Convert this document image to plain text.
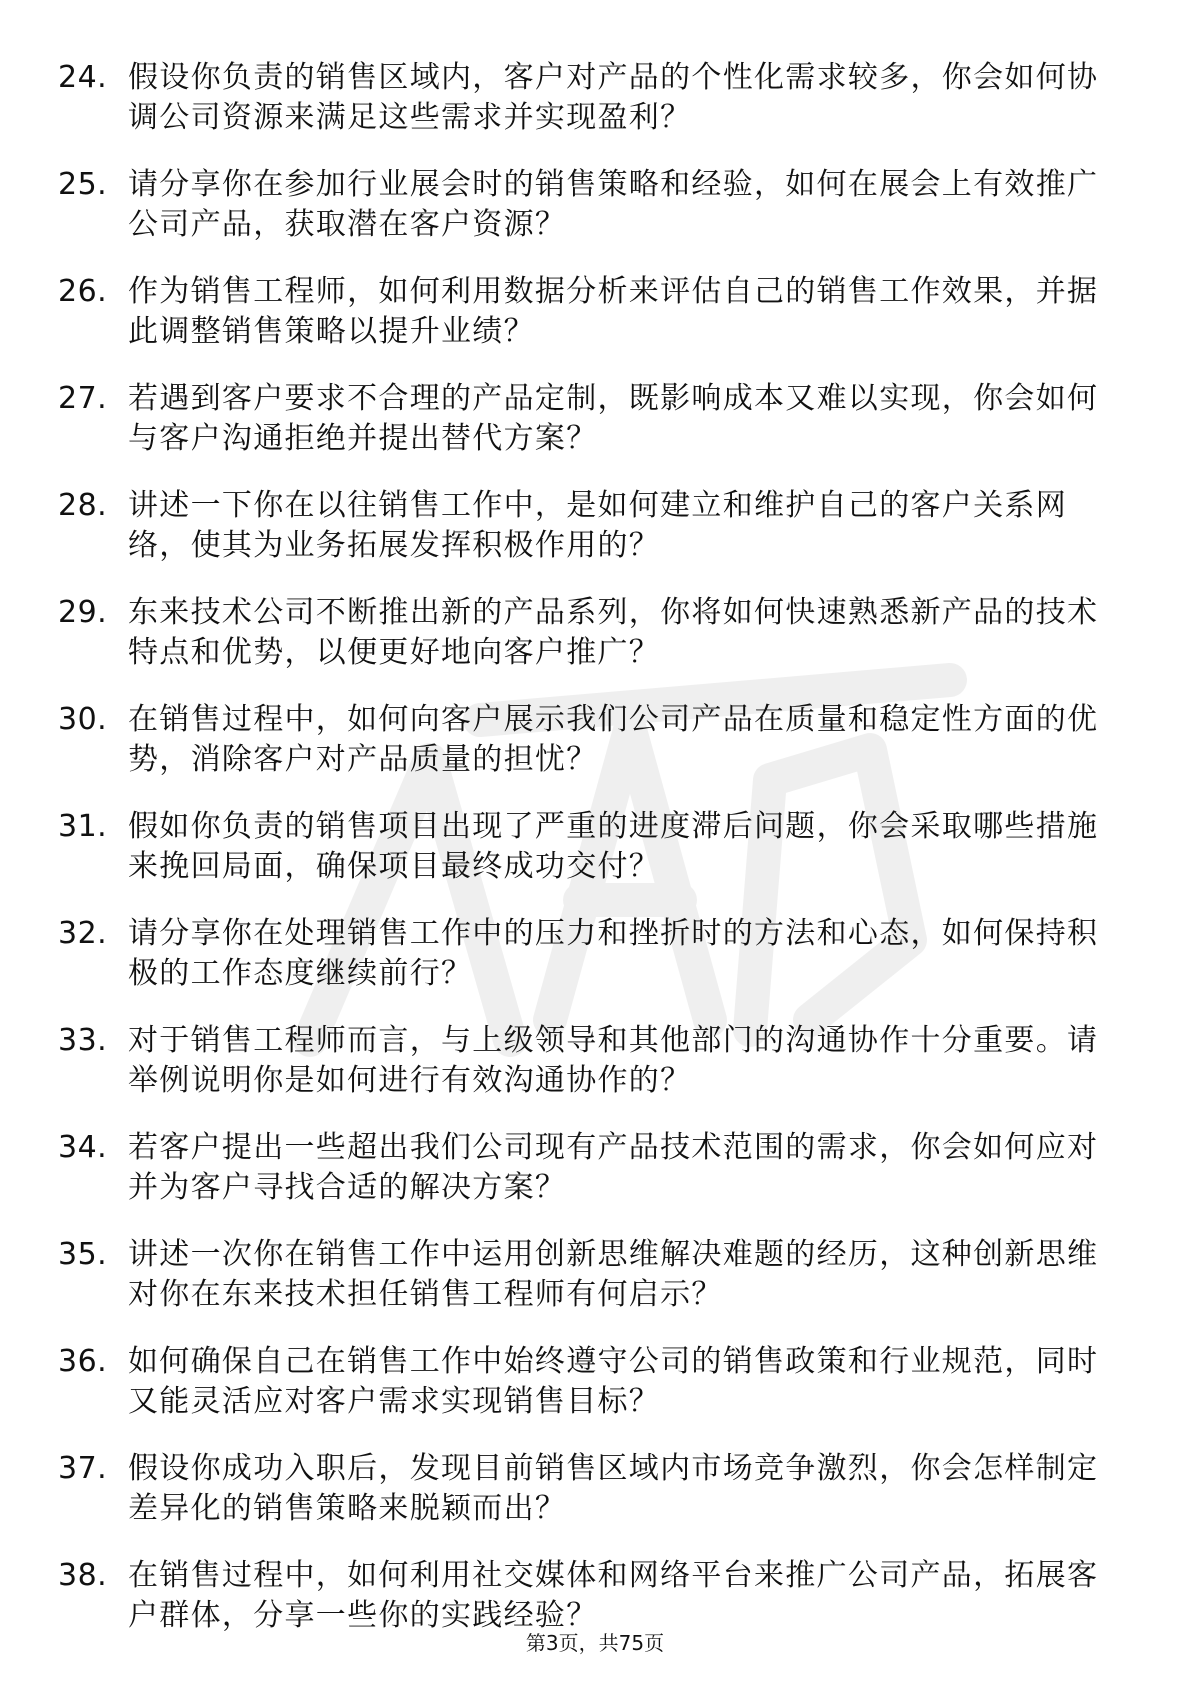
24. 假设你负责的销售区域内，客户对产品的个性化需求较多，你会如何协调公司资源来满足这些需求并实现盈利？
25. 请分享你在参加行业展会时的销售策略和经验，如何在展会上有效推广公司产品，获取潜在客户资源？
26. 作为销售工程师，如何利用数据分析来评估自己的销售工作效果，并据此调整销售策略以提升业绩？
27. 若遇到客户要求不合理的产品定制，既影响成本又难以实现，你会如何与客户沟通拒绝并提出替代方案？
28. 讲述一下你在以往销售工作中，是如何建立和维护自己的客户关系网络，使其为业务拓展发挥积极作用的？
29. 东来技术公司不断推出新的产品系列，你将如何快速熟悉新产品的技术特点和优势，以便更好地向客户推广？
30. 在销售过程中，如何向客户展示我们公司产品在质量和稳定性方面的优势，消除客户对产品质量的担忧？
31. 假如你负责的销售项目出现了严重的进度滞后问题，你会采取哪些措施来挽回局面，确保项目最终成功交付？
32. 请分享你在处理销售工作中的压力和挫折时的方法和心态，如何保持积极的工作态度继续前行？
33. 对于销售工程师而言，与上级领导和其他部门的沟通协作十分重要。请举例说明你是如何进行有效沟通协作的？
34. 若客户提出一些超出我们公司现有产品技术范围的需求，你会如何应对并为客户寻找合适的解决方案？
35. 讲述一次你在销售工作中运用创新思维解决难题的经历，这种创新思维对你在东来技术担任销售工程师有何启示？
36. 如何确保自己在销售工作中始终遵守公司的销售政策和行业规范，同时又能灵活应对客户需求实现销售目标？
37. 假设你成功入职后，发现目前销售区域内市场竞争激烈，你会怎样制定差异化的销售策略来脱颖而出？
38. 在销售过程中，如何利用社交媒体和网络平台来推广公司产品，拓展客户群体，分享一些你的实践经验？
第3页，共75页
